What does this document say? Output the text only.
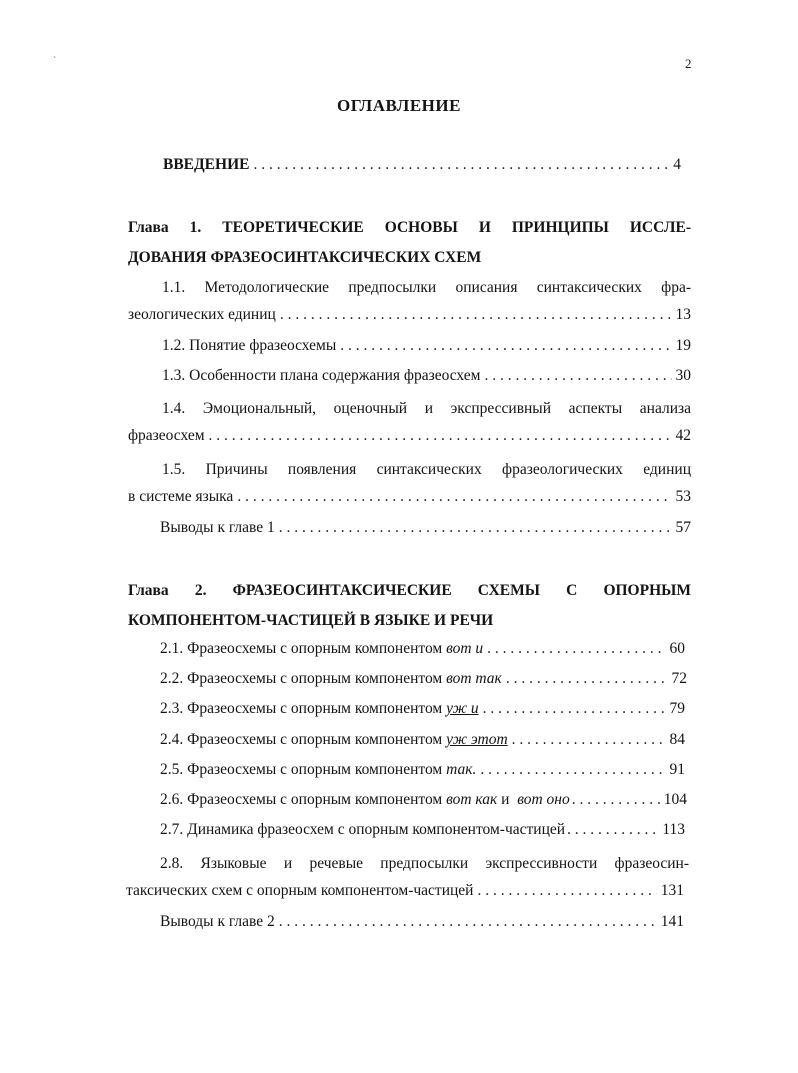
`	2
ОГЛАВЛЕНИЕ
ВВЕДЕНИЕ . . .	4
Глава 1. ТЕОРЕТИЧЕСКИЕ ОСНОВЫ И ПРИНЦИПЫ ИССЛЕ-
ДОВАНИЯ ФРАЗЕОСИНТАКСИЧЕСКИХ СХЕМ
1.1. Методологические предпосылки описания синтаксических фра-
зеологических единиц . . .	13
1.2. Понятие фразеосхемы . . .	19
1.3. Особенности плана содержания фразеосхем . . .	30
1.4. Эмоциональный, оценочный и экспрессивный аспекты анализа
фразеосхем . . .	42
1.5. Причины появления синтаксических фразеологических единиц
в системе языка . . .	53
Выводы к главе 1 . . .	57
Глава 2. ФРАЗЕОСИНТАКСИЧЕСКИЕ СХЕМЫ С ОПОРНЫМ
КОМПОНЕНТОМ-ЧАСТИЦЕЙ В ЯЗЫКЕ И РЕЧИ
2.1. Фразеосхемы с опорным компонентом вот и . . .	60
2.2. Фразеосхемы с опорным компонентом вот так . . .	72
2.3. Фразеосхемы с опорным компонентом уж и . . .	79
2.4. Фразеосхемы с опорным компонентом уж этот . . .	84
2.5. Фразеосхемы с опорным компонентом так. . . .	91
2.6. Фразеосхемы с опорным компонентом вот как и вот оно . . .	104
2.7. Динамика фразеосхем с опорным компонентом-частицей . . .	113
2.8. Языковые и речевые предпосылки экспрессивности фразеосин-
таксических схем с опорным компонентом-частицей . . .	131
Выводы к главе 2 . . .	141
